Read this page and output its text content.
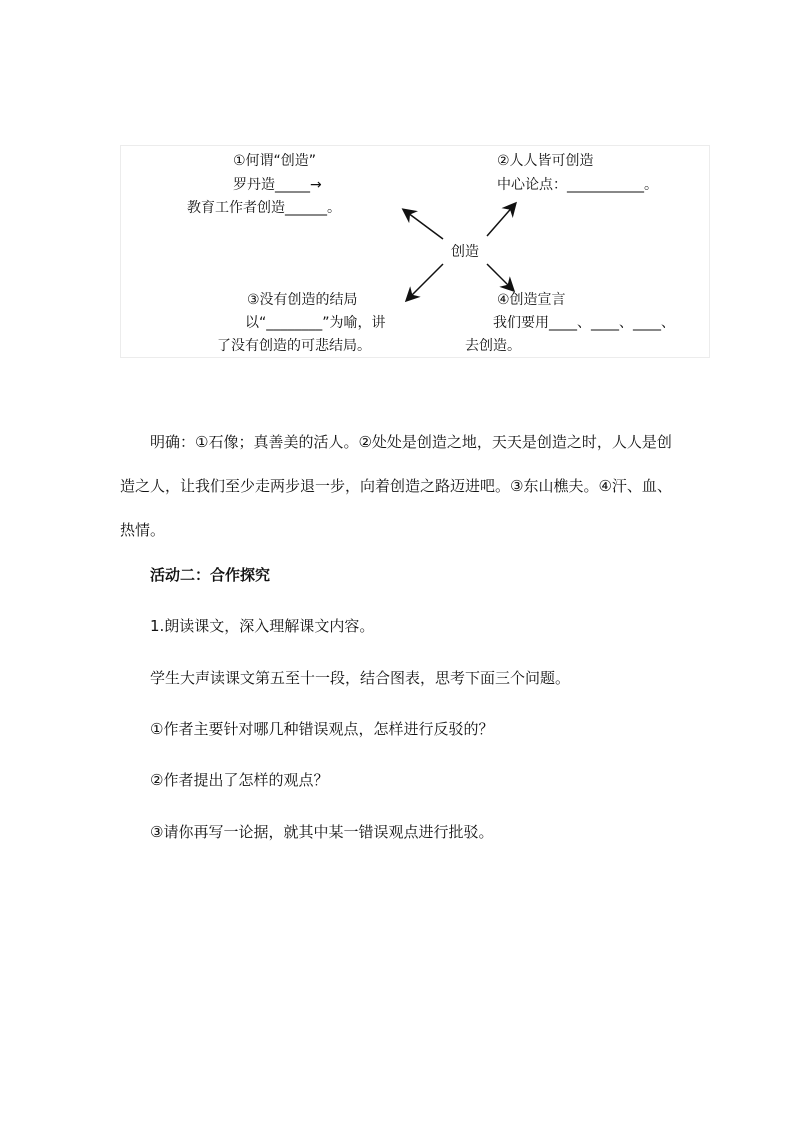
创造
①何谓“创造”
罗丹造_____→
教育工作者创造______。
②人人皆可创造
中心论点：___________。
③没有创造的结局
以“________”为喻，讲
了没有创造的可悲结局。
④创造宣言
我们要用____、____、____、
去创造。
明确：①石像；真善美的活人。②处处是创造之地，天天是创造之时，人人是创造之人，让我们至少走两步退一步，向着创造之路迈进吧。③东山樵夫。④汗、血、热情。
活动二：合作探究
1.朗读课文，深入理解课文内容。
学生大声读课文第五至十一段，结合图表，思考下面三个问题。
①作者主要针对哪几种错误观点，怎样进行反驳的？
②作者提出了怎样的观点？
③请你再写一论据，就其中某一错误观点进行批驳。
